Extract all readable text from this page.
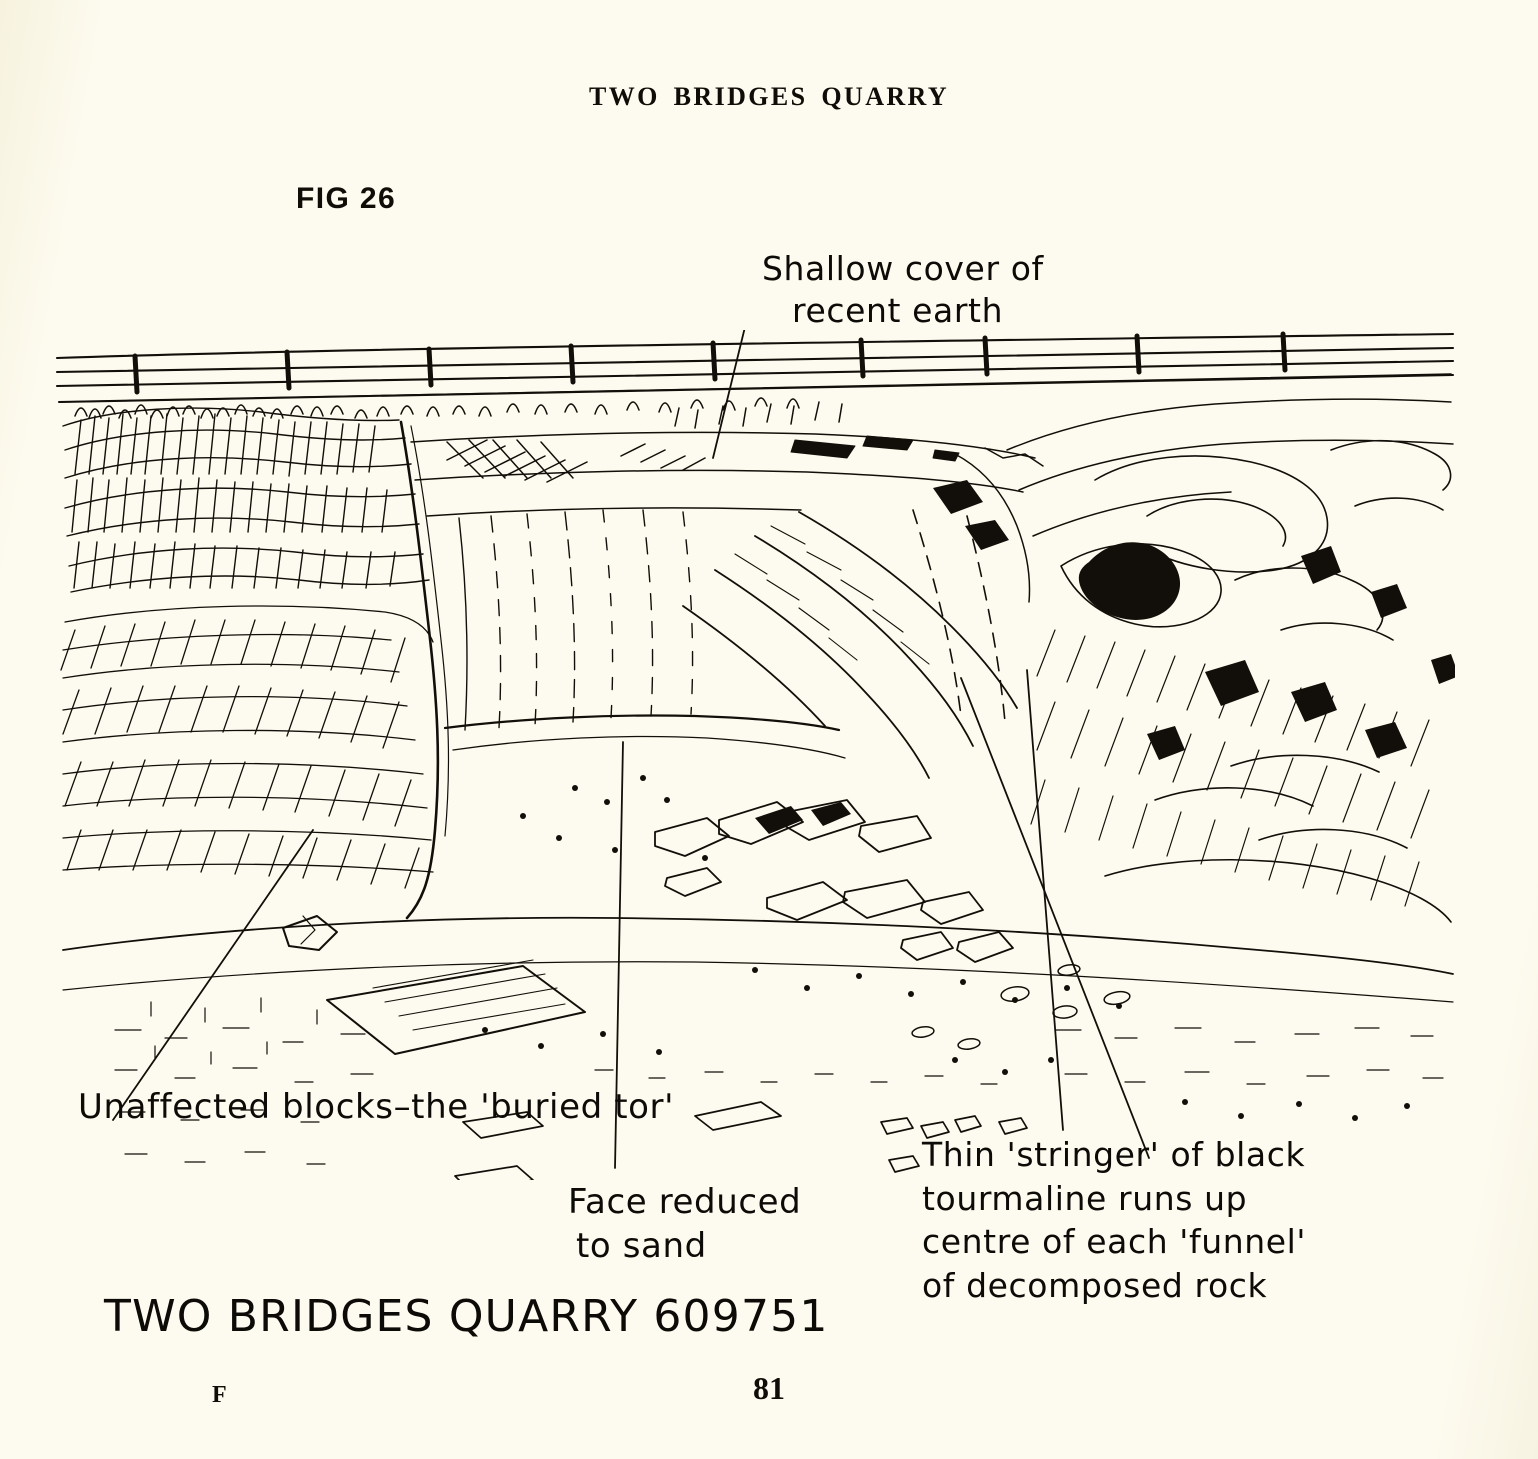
TWO BRIDGES QUARRY
FIG 26
Shallow cover of
recent earth
Unaffected blocks–the 'buried tor'
Face reduced
to sand
Thin 'stringer' of black
tourmaline runs up
centre of each 'funnel'
of decomposed rock
TWO BRIDGES QUARRY 609751
F	81
